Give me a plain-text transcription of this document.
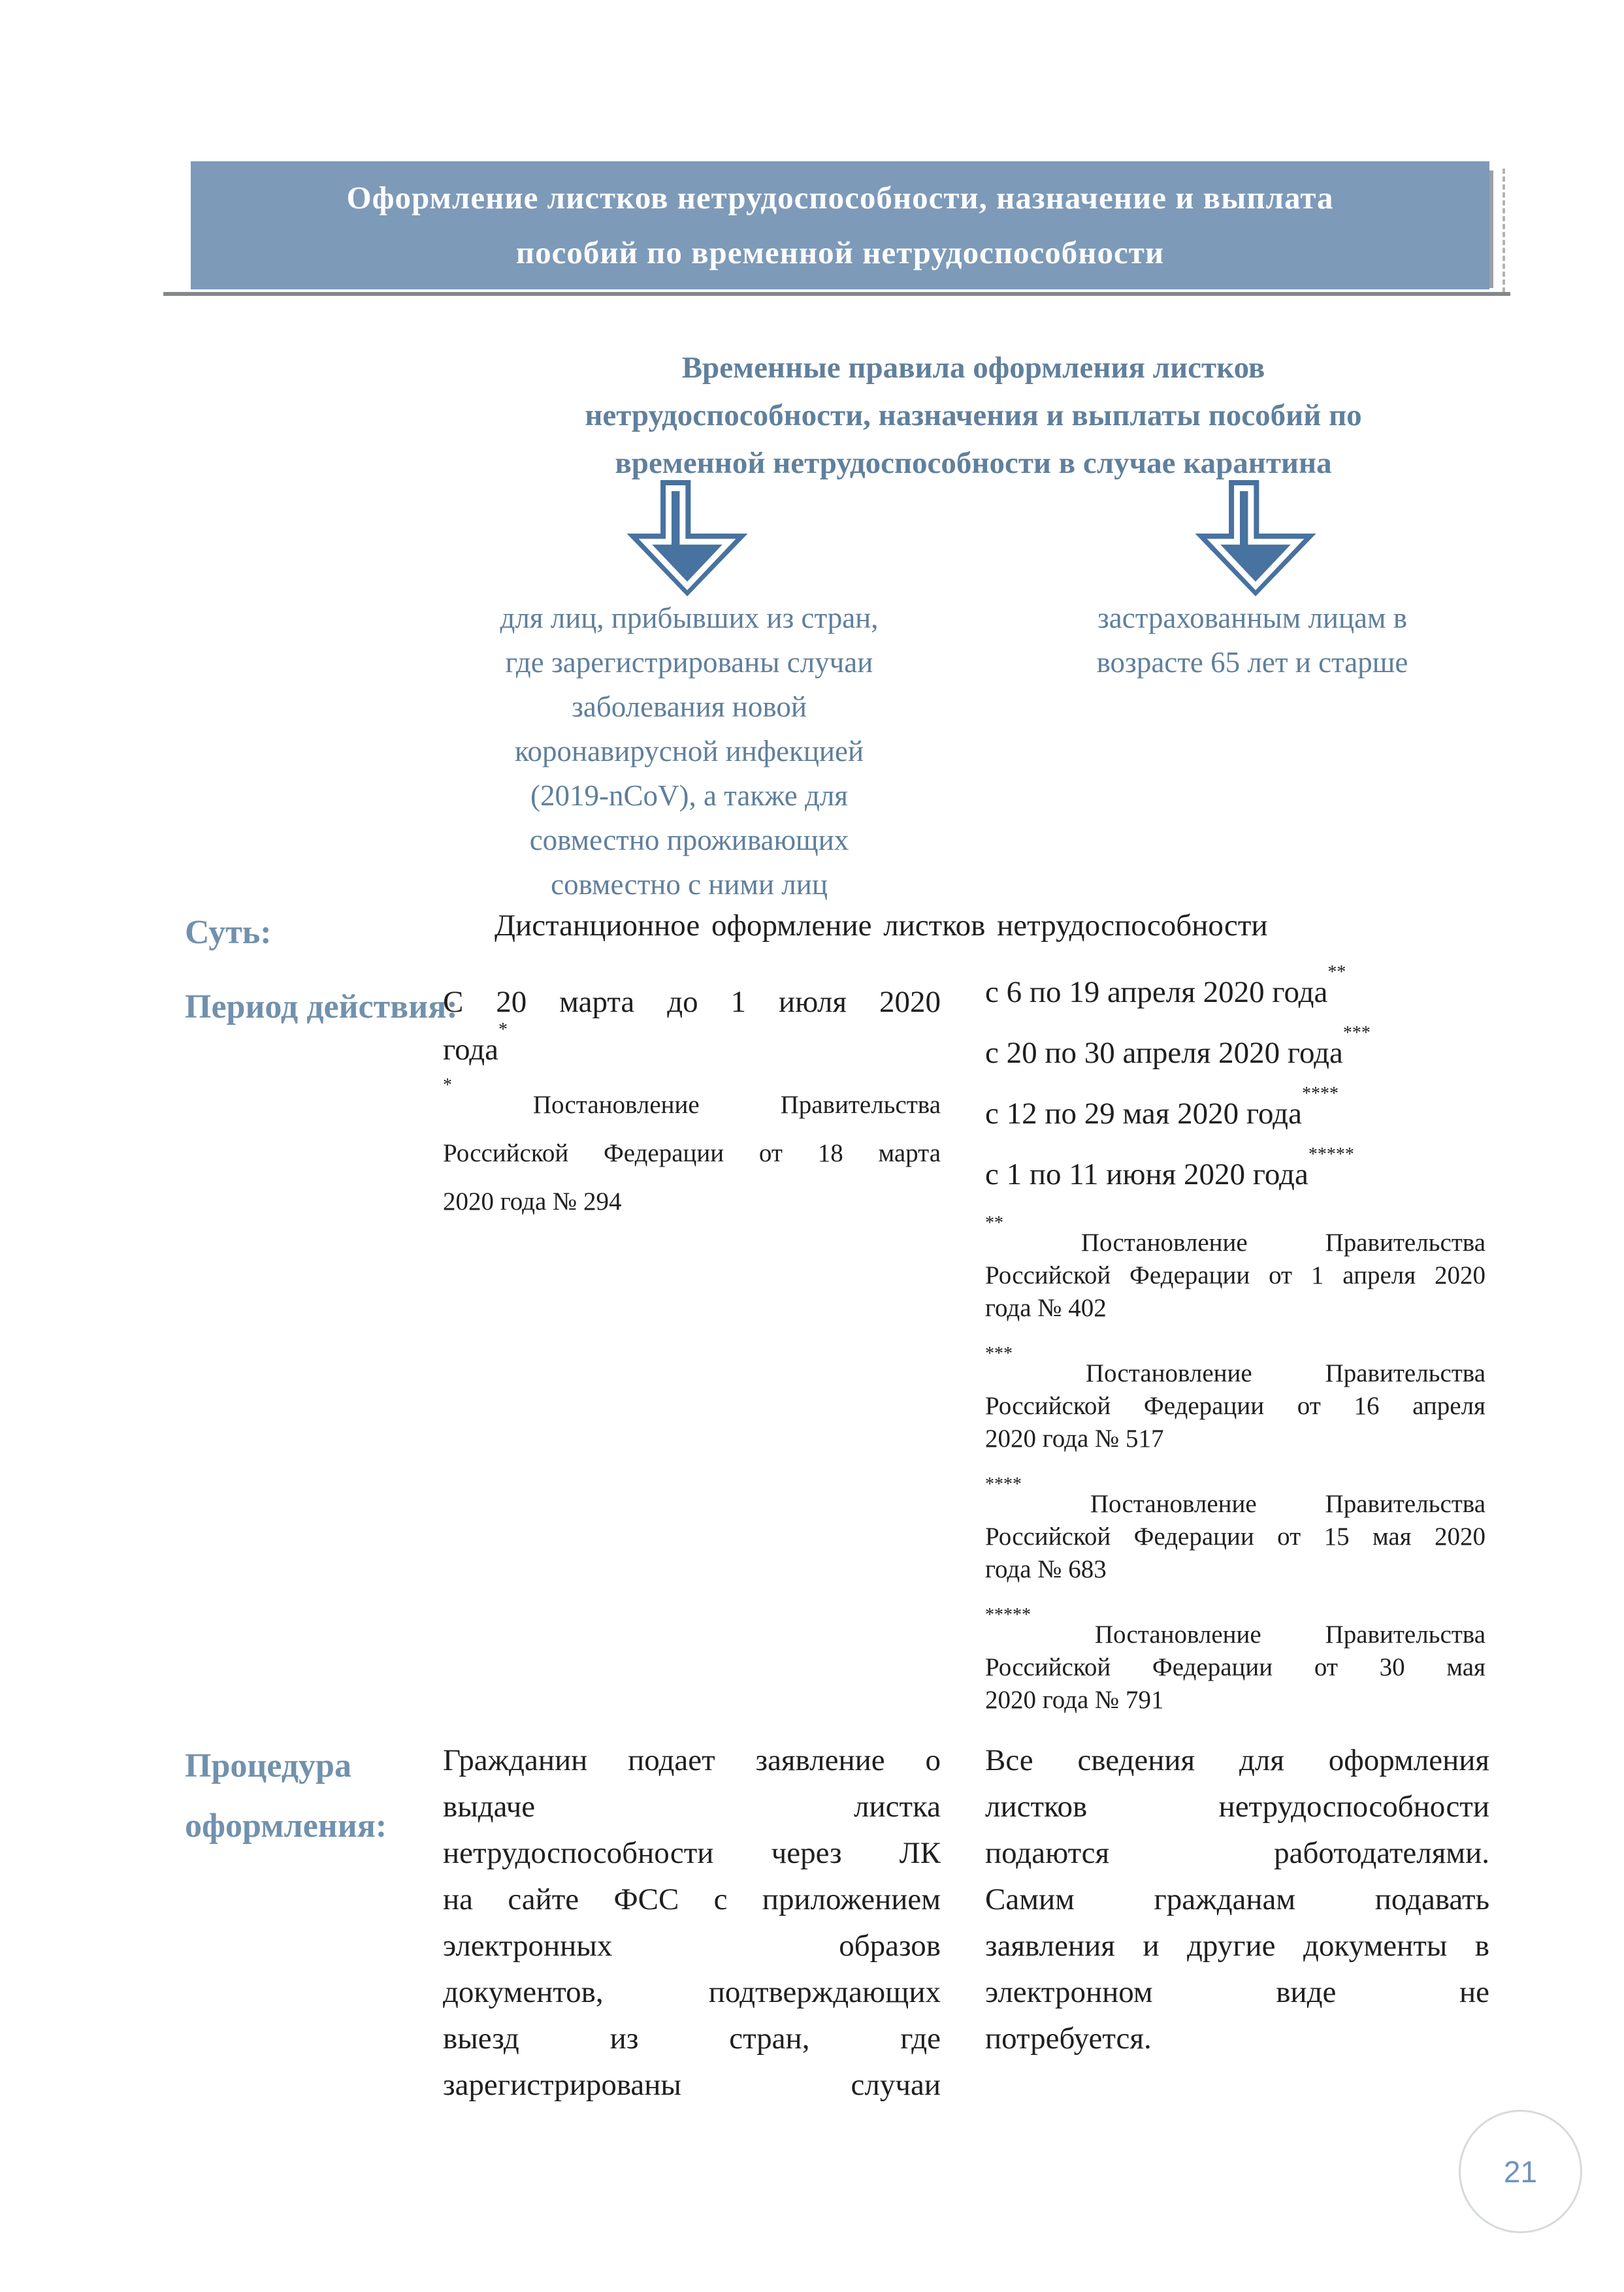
Оформление листков нетрудоспособности, назначение и выплата
пособий по временной нетрудоспособности
Временные правила оформления листков
нетрудоспособности, назначения и выплаты пособий по
временной нетрудоспособности в случае карантина
для лиц, прибывших из стран,
где зарегистрированы случаи
заболевания новой
коронавирусной инфекцией
(2019-nCoV), а также для
совместно проживающих
совместно с ними лиц
застрахованным лицам в
возрасте 65 лет и старше
Суть:	Дистанционное оформление листков нетрудоспособности
Период действия:
С 20 марта до 1 июля 2020
года*
* Постановление Правительства
Российской Федерации от 18 марта
2020 года № 294
с 6 по 19 апреля 2020 года**
с 20 по 30 апреля 2020 года***
с 12 по 29 мая 2020 года****
с 1 по 11 июня 2020 года*****
** Постановление Правительства
Российской Федерации от 1 апреля 2020
года № 402
*** Постановление Правительства
Российской Федерации от 16 апреля
2020 года № 517
**** Постановление Правительства
Российской Федерации от 15 мая 2020
года № 683
***** Постановление Правительства
Российской Федерации от 30 мая
2020 года № 791
Процедура оформления:
Гражданин подает заявление о
выдаче листка
нетрудоспособности через ЛК
на сайте ФСС с приложением
электронных образов
документов, подтверждающих
выезд из стран, где
зарегистрированы случаи
Все сведения для оформления
листков нетрудоспособности
подаются работодателями.
Самим гражданам подавать
заявления и другие документы в
электронном виде не
потребуется.
21
